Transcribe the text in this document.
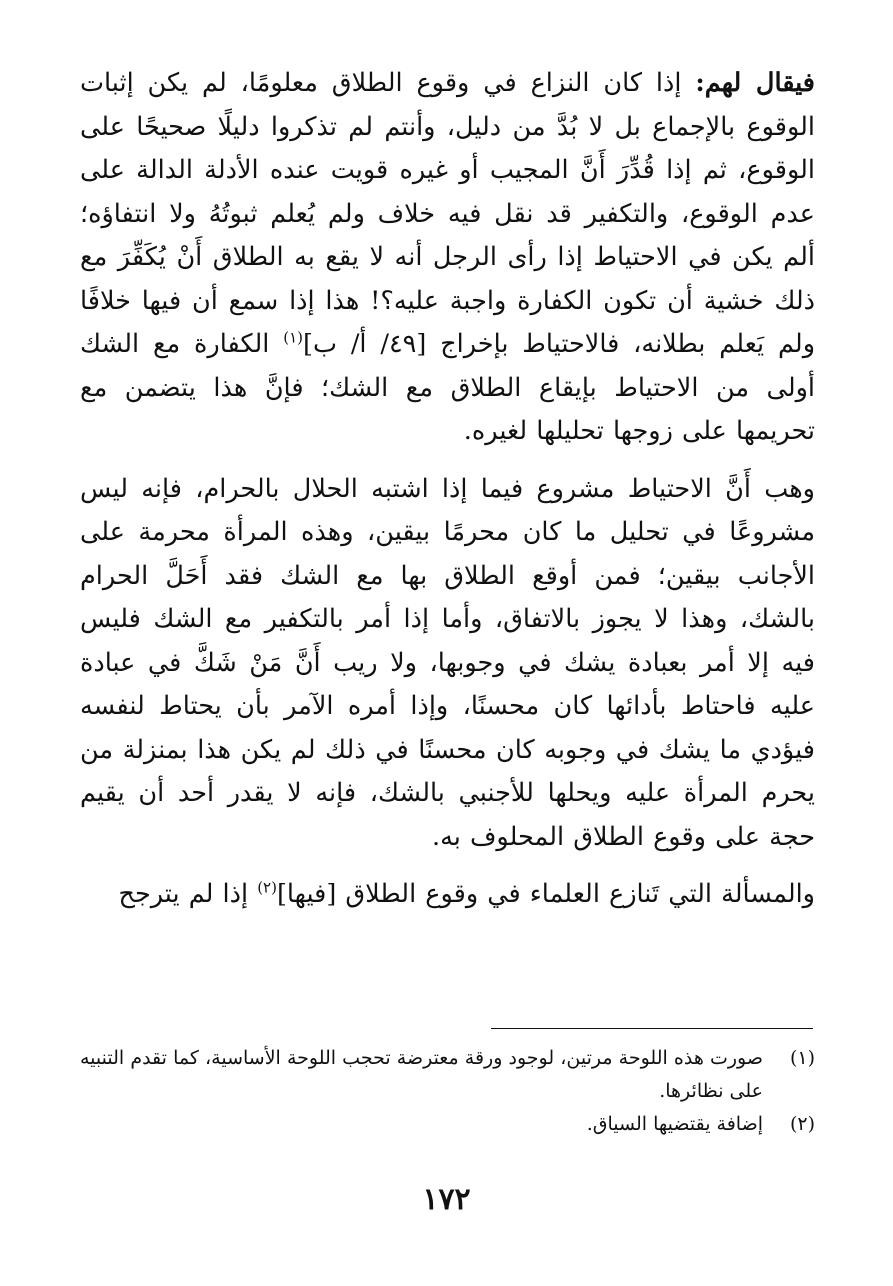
فيقال لهم: إذا كان النزاع في وقوع الطلاق معلومًا، لم يكن إثبات الوقوع بالإجماع بل لا بُدَّ من دليل، وأنتم لم تذكروا دليلًا صحيحًا على الوقوع، ثم إذا قُدِّرَ أَنَّ المجيب أو غيره قويت عنده الأدلة الدالة على عدم الوقوع، والتكفير قد نقل فيه خلاف ولم يُعلم ثبوتُهُ ولا انتفاؤه؛ ألم يكن في الاحتياط إذا رأى الرجل أنه لا يقع به الطلاق أَنْ يُكَفِّرَ مع ذلك خشية أن تكون الكفارة واجبة عليه؟! هذا إذا سمع أن فيها خلافًا ولم يَعلم بطلانه، فالاحتياط بإخراج [٤٩/ أ/ ب]$^{(١)}$ الكفارة مع الشك أولى من الاحتياط بإيقاع الطلاق مع الشك؛ فإنَّ هذا يتضمن مع تحريمها على زوجها تحليلها لغيره.

وهب أَنَّ الاحتياط مشروع فيما إذا اشتبه الحلال بالحرام، فإنه ليس مشروعًا في تحليل ما كان محرمًا بيقين، وهذه المرأة محرمة على الأجانب بيقين؛ فمن أوقع الطلاق بها مع الشك فقد أَحَلَّ الحرام بالشك، وهذا لا يجوز بالاتفاق، وأما إذا أمر بالتكفير مع الشك فليس فيه إلا أمر بعبادة يشك في وجوبها، ولا ريب أَنَّ مَنْ شَكَّ في عبادة عليه فاحتاط بأدائها كان محسنًا، وإذا أمره الآمر بأن يحتاط لنفسه فيؤدي ما يشك في وجوبه كان محسنًا في ذلك لم يكن هذا بمنزلة من يحرم المرأة عليه ويحلها للأجنبي بالشك، فإنه لا يقدر أحد أن يقيم حجة على وقوع الطلاق المحلوف به.

والمسألة التي تَنازع العلماء في وقوع الطلاق [فيها]$^{(٢)}$ إذا لم يترجح

(١)
صورت هذه اللوحة مرتين، لوجود ورقة معترضة تحجب اللوحة الأساسية، كما تقدم التنبيه على نظائرها.
(٢)
إضافة يقتضيها السياق.
١٧٢
